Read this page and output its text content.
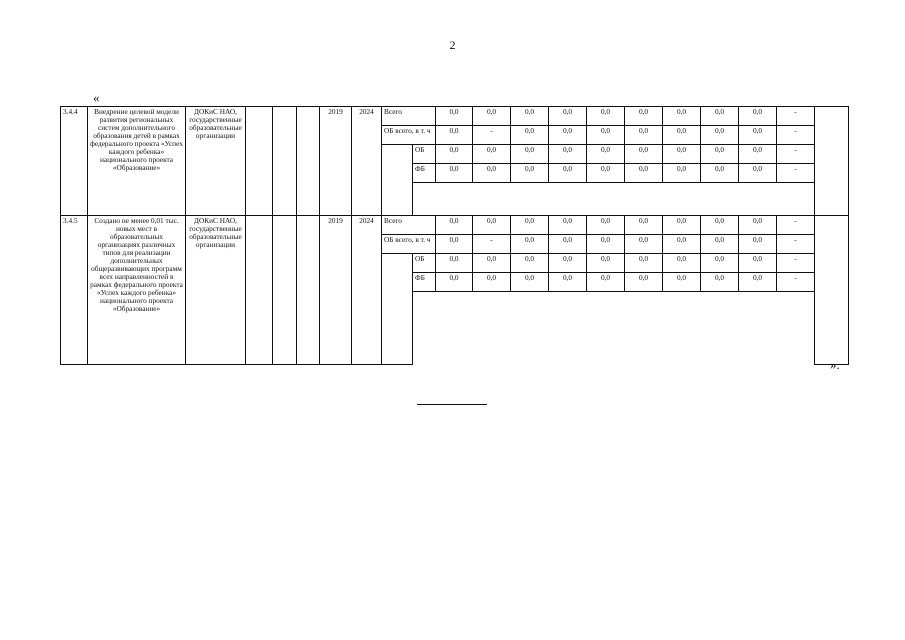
2
«
3.4.4	Внедрение целевой модели развития региональных систем дополнительного образования детей в рамках федерального проекта «Успех каждого ребенка» национального проекта «Образование»	ДОКиС НАО, государственные образовательные организации				2019	2024	Всего		0,0	0,0	0,0	0,0	0,0	0,0	0,0	0,0	0,0	-	
								ОБ всего, в т. ч		0,0	-	0,0	0,0	0,0	0,0	0,0	0,0	0,0	-	
									ОБ	0,0	0,0	0,0	0,0	0,0	0,0	0,0	0,0	0,0	-	
									ФБ	0,0	0,0	0,0	0,0	0,0	0,0	0,0	0,0	0,0	-	

3.4.5	Создано не менее 0,01 тыс. новых мест в образовательных организациях различных типов для реализации дополнительных общеразвивающих программ всех направленностей в рамках федерального проекта «Успех каждого ребенка» национального проекта «Образование»	ДОКиС НАО, государственные образовательные организации				2019	2024	Всего		0,0	0,0	0,0	0,0	0,0	0,0	0,0	0,0	0,0	-	
								ОБ всего, в т. ч		0,0	-	0,0	0,0	0,0	0,0	0,0	0,0	0,0	-	
									ОБ	0,0	0,0	0,0	0,0	0,0	0,0	0,0	0,0	0,0	-	
									ФБ	0,0	0,0	0,0	0,0	0,0	0,0	0,0	0,0	0,0	-	

».
